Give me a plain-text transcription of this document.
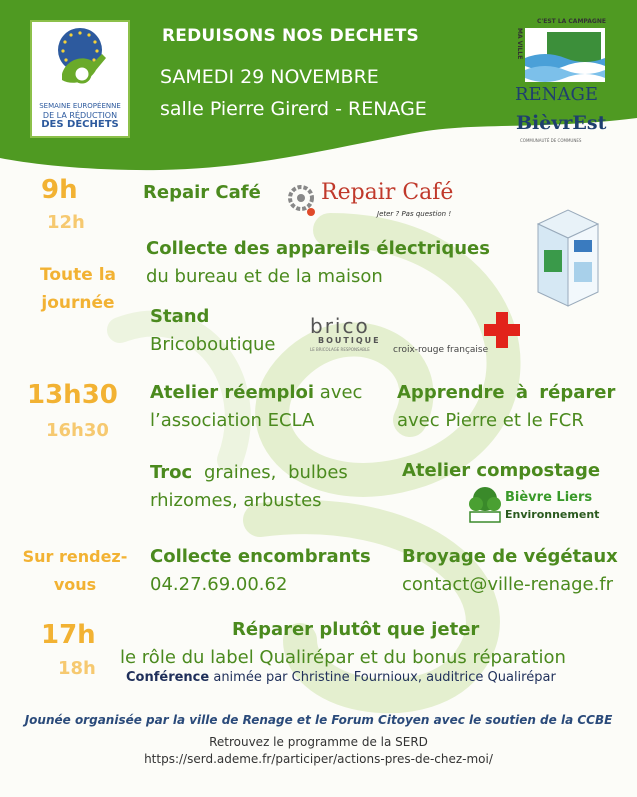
SEMAINE EUROPÉENNE
DE LA RÉDUCTION
DES DÉCHETS
REDUISONS NOS DECHETS
SAMEDI 29 NOVEMBRE
salle Pierre Girerd - RENAGE
C'EST LA CAMPAGNE
MA VILLE
RENAGE
BièvrEst
COMMUNAUTÉ DE COMMUNES
9h
12h
Repair Café	Repair Café
Jeter ? Pas question !
Collecte des appareils électriques
du bureau et de la maison
Toute la
journée
Stand
Bricoboutique
brico
BOUTIQUE
LE BRICOLAGE RESPONSABLE	croix-rouge française
13h30
16h30
Atelier réemploi avec
l’association ECLA
Apprendre à réparer
avec Pierre et le FCR
Troc graines, bulbes
rhizomes, arbustes
Atelier compostage
Bièvre Liers
Environnement
Sur rendez-
vous
Collecte encombrants
04.27.69.00.62
Broyage de végétaux
contact@ville-renage.fr
17h
18h
Réparer plutôt que jeter
le rôle du label Qualirépar et du bonus réparation
Conférence animée par Christine Fournioux, auditrice Qualirépar
Jounée organisée par la ville de Renage et le Forum Citoyen avec le soutien de la CCBE
Retrouvez le programme de la SERD
https://serd.ademe.fr/participer/actions-pres-de-chez-moi/
